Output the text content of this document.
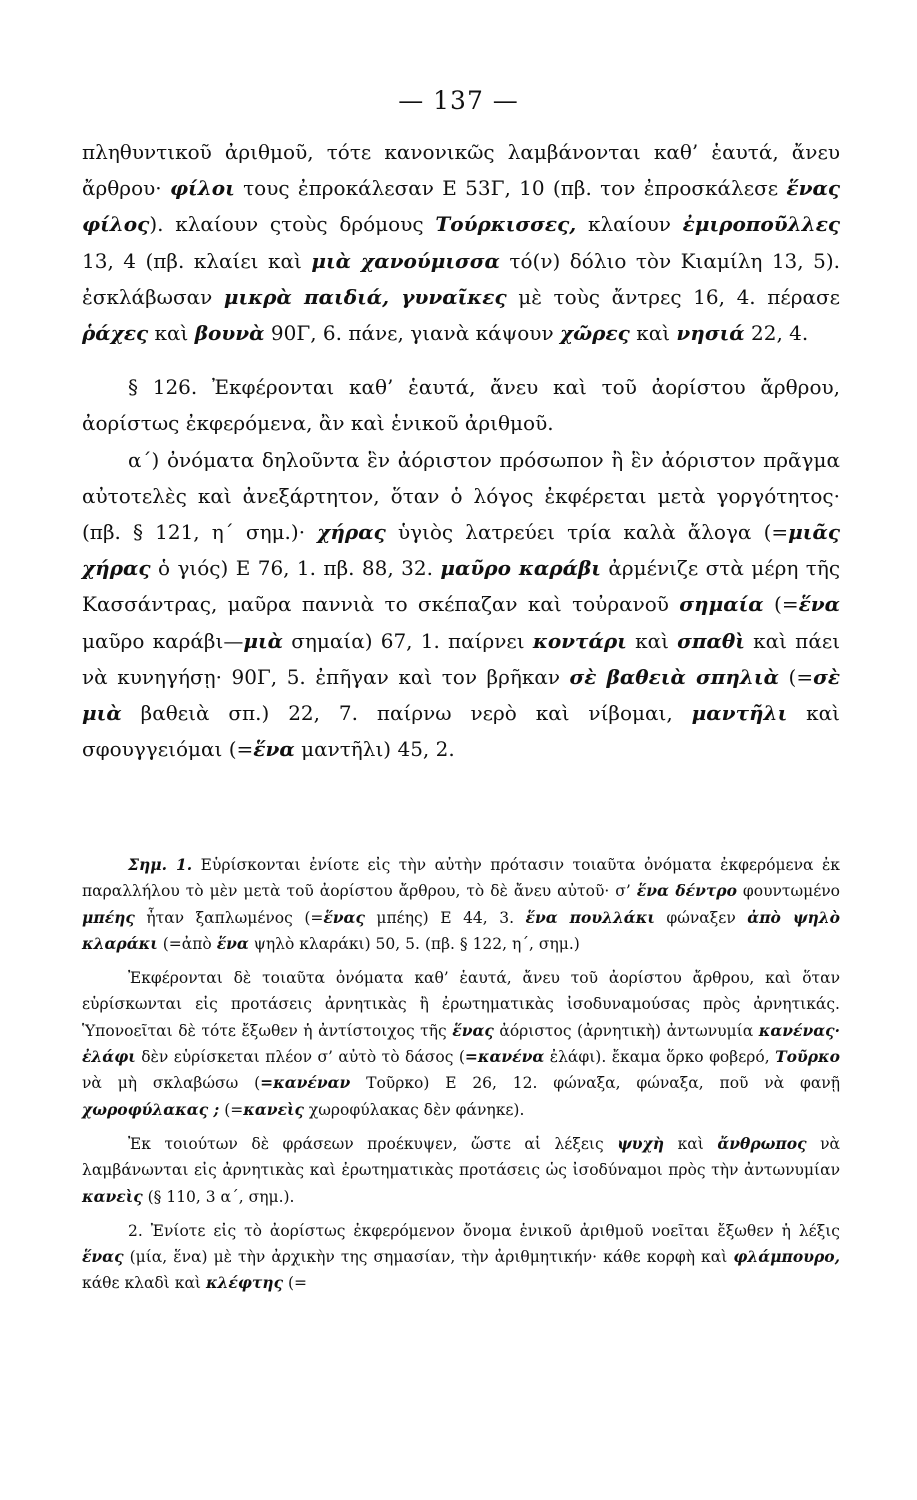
— 137 —

πληθυντικοῦ ἀριθμοῦ, τότε κανονικῶς λαμβάνονται καθ’ ἑαυτά, ἄνευ ἄρθρου· φίλοι τους ἐπροκάλεσαν Ε 53Γ, 10 (πβ. τον ἐπροσκάλεσε ἕνας φίλος). κλαίουν ςτοὺς δρόμους Τούρκισσες, κλαίουν ἐμιροποῦλλες 13, 4 (πβ. κλαίει καὶ μιὰ χανούμισσα τό(ν) δόλιο τὸν Κιαμίλη 13, 5). ἐσκλάβωσαν μικρὰ παιδιά, γυναῖκες μὲ τοὺς ἄντρες 16, 4. πέρασε ῥάχες καὶ βουνὰ 90Γ, 6. πάνε, γιανὰ κάψουν χῶρες καὶ νησιά 22, 4.

§ 126. Ἐκφέρονται καθ’ ἑαυτά, ἄνευ καὶ τοῦ ἀορίστου ἄρθρου, ἀορίστως ἐκφερόμενα, ἂν καὶ ἑνικοῦ ἀριθμοῦ.

α΄) ὀνόματα δηλοῦντα ἓν ἀόριστον πρόσωπον ἢ ἓν ἀόριστον πρᾶγμα αὐτοτελὲς καὶ ἀνεξάρτητον, ὅταν ὁ λόγος ἐκφέρεται μετὰ γοργότητος· (πβ. § 121, η΄ σημ.)· χήρας ὑγιὸς λατρεύει τρία καλὰ ἄλογα (=μιᾶς χήρας ὁ γιός) Ε 76, 1. πβ. 88, 32. μαῦρο καράβι ἀρμένιζε στὰ μέρη τῆς Κασσάντρας, μαῦρα παννιὰ το σκέπαζαν καὶ τοὐρανοῦ σημαία (=ἕνα μαῦρο καράβι—μιὰ σημαία) 67, 1. παίρνει κοντάρι καὶ σπαθὶ καὶ πάει νὰ κυνηγήσῃ· 90Γ, 5. ἐπῆγαν καὶ τον βρῆκαν σὲ βαθειὰ σπηλιὰ (=σὲ μιὰ βαθειὰ σπ.) 22, 7. παίρνω νερὸ καὶ νίβομαι, μαντῆλι καὶ σφουγγειόμαι (=ἕνα μαντῆλι) 45, 2.

Σημ. 1. Εὑρίσκονται ἐνίοτε εἰς τὴν αὐτὴν πρότασιν τοιαῦτα ὀνόματα ἐκφερόμενα ἐκ παραλλήλου τὸ μὲν μετὰ τοῦ ἀορίστου ἄρθρου, τὸ δὲ ἄνευ αὐτοῦ· σ’ ἕνα δέντρο φουντωμένο μπέης ἦταν ξαπλωμένος (=ἕνας μπέης) Ε 44, 3. ἕνα πουλλάκι φώναξεν ἀπὸ ψηλὸ κλαράκι (=ἀπὸ ἕνα ψηλὸ κλαράκι) 50, 5. (πβ. § 122, η΄, σημ.)

Ἐκφέρονται δὲ τοιαῦτα ὀνόματα καθ’ ἑαυτά, ἄνευ τοῦ ἀορίστου ἄρθρου, καὶ ὅταν εὑρίσκωνται εἰς προτάσεις ἀρνητικὰς ἢ ἐρωτηματικὰς ἰσοδυναμούσας πρὸς ἀρνητικάς. Ὑπονοεῖται δὲ τότε ἔξωθεν ἡ ἀντίστοιχος τῆς ἕνας ἀόριστος (ἀρνητικὴ) ἀντωνυμία κανένας· ἐλάφι δὲν εὑρίσκεται πλέον σ’ αὐτὸ τὸ δάσος (=κανένα ἐλάφι). ἔκαμα ὅρκο φοβερό, Τοῦρκο νὰ μὴ σκλαβώσω (=κανέναν Τοῦρκο) Ε 26, 12. φώναξα, φώναξα, ποῦ νὰ φανῇ χωροφύλακας ; (=κανεὶς χωροφύλακας δὲν φάνηκε).

Ἐκ τοιούτων δὲ φράσεων προέκυψεν, ὥστε αἱ λέξεις ψυχὴ καὶ ἄνθρωπος νὰ λαμβάνωνται εἰς ἀρνητικὰς καὶ ἐρωτηματικὰς προτάσεις ὡς ἰσοδύναμοι πρὸς τὴν ἀντωνυμίαν κανεὶς (§ 110, 3 α΄, σημ.).

2. Ἐνίοτε εἰς τὸ ἀορίστως ἐκφερόμενον ὄνομα ἑνικοῦ ἀριθμοῦ νοεῖται ἔξωθεν ἡ λέξις ἕνας (μία, ἕνα) μὲ τὴν ἀρχικὴν της σημασίαν, τὴν ἀριθμητικήν· κάθε κορφὴ καὶ φλάμπουρο, κάθε κλαδὶ καὶ κλέφτης (=
